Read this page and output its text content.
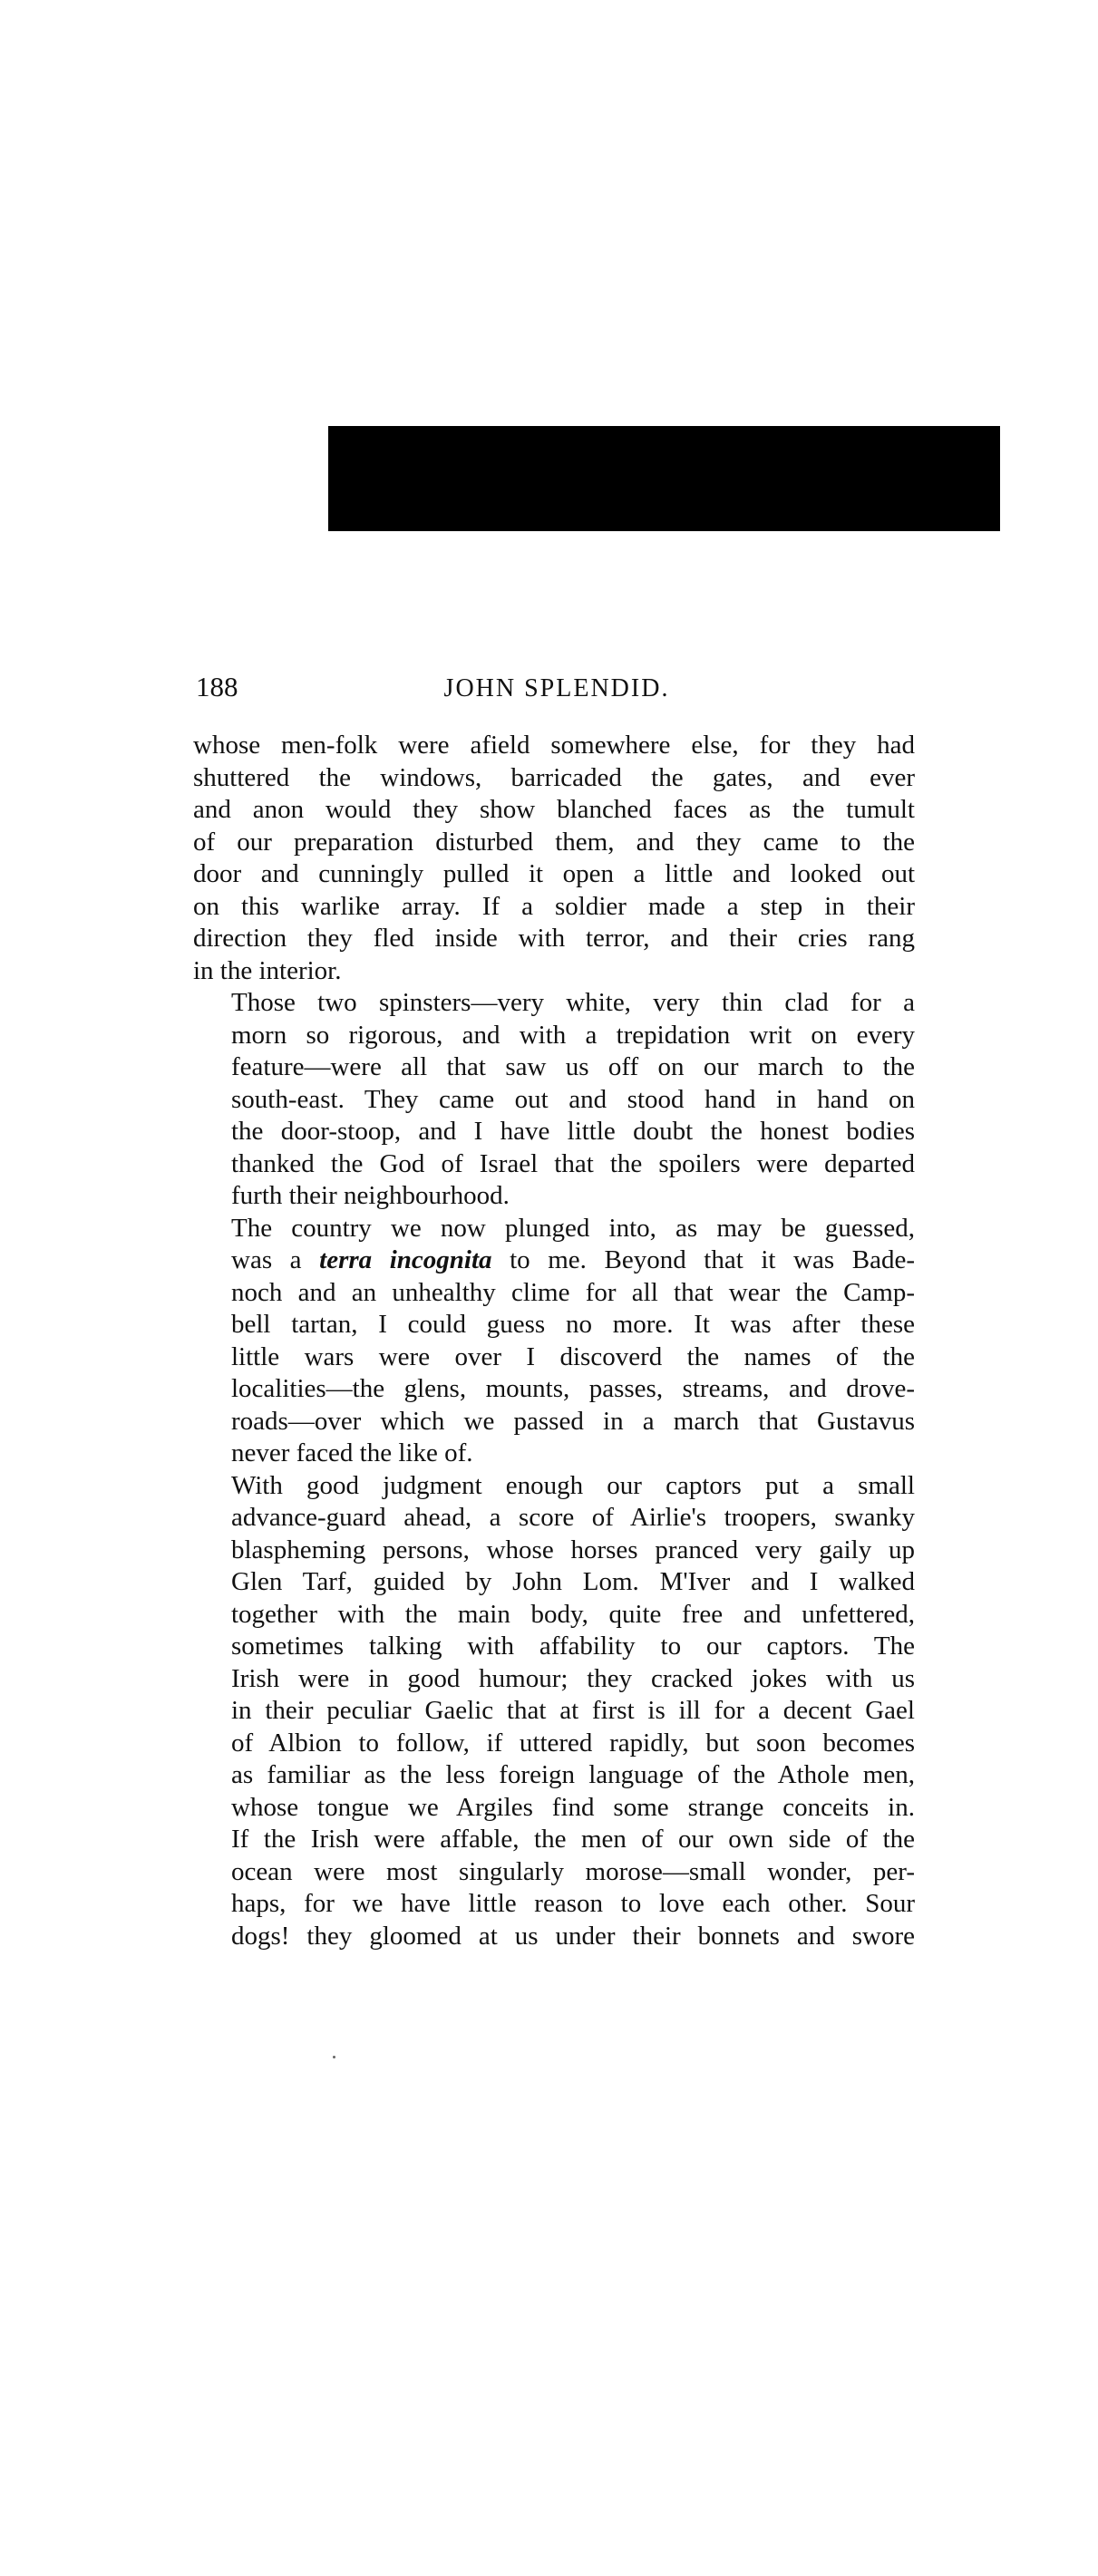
188	JOHN SPLENDID.

whose men-folk were afield somewhere else, for they had
shuttered the windows, barricaded the gates, and ever
and anon would they show blanched faces as the tumult
of our preparation disturbed them, and they came to the
door and cunningly pulled it open a little and looked out
on this warlike array. If a soldier made a step in their
direction they fled inside with terror, and their cries rang
in the interior.

Those two spinsters—very white, very thin clad for a
morn so rigorous, and with a trepidation writ on every
feature—were all that saw us off on our march to the
south-east. They came out and stood hand in hand on
the door-stoop, and I have little doubt the honest bodies
thanked the God of Israel that the spoilers were departed
furth their neighbourhood.

The country we now plunged into, as may be guessed,
was a terra incognita to me. Beyond that it was Bade-
noch and an unhealthy clime for all that wear the Camp-
bell tartan, I could guess no more. It was after these
little wars were over I discoverd the names of the
localities—the glens, mounts, passes, streams, and drove-
roads—over which we passed in a march that Gustavus
never faced the like of.

With good judgment enough our captors put a small
advance-guard ahead, a score of Airlie's troopers, swanky
blaspheming persons, whose horses pranced very gaily up
Glen Tarf, guided by John Lom. M'Iver and I walked
together with the main body, quite free and unfettered,
sometimes talking with affability to our captors. The
Irish were in good humour; they cracked jokes with us
in their peculiar Gaelic that at first is ill for a decent Gael
of Albion to follow, if uttered rapidly, but soon becomes
as familiar as the less foreign language of the Athole men,
whose tongue we Argiles find some strange conceits in.
If the Irish were affable, the men of our own side of the
ocean were most singularly morose—small wonder, per-
haps, for we have little reason to love each other. Sour
dogs! they gloomed at us under their bonnets and swore
